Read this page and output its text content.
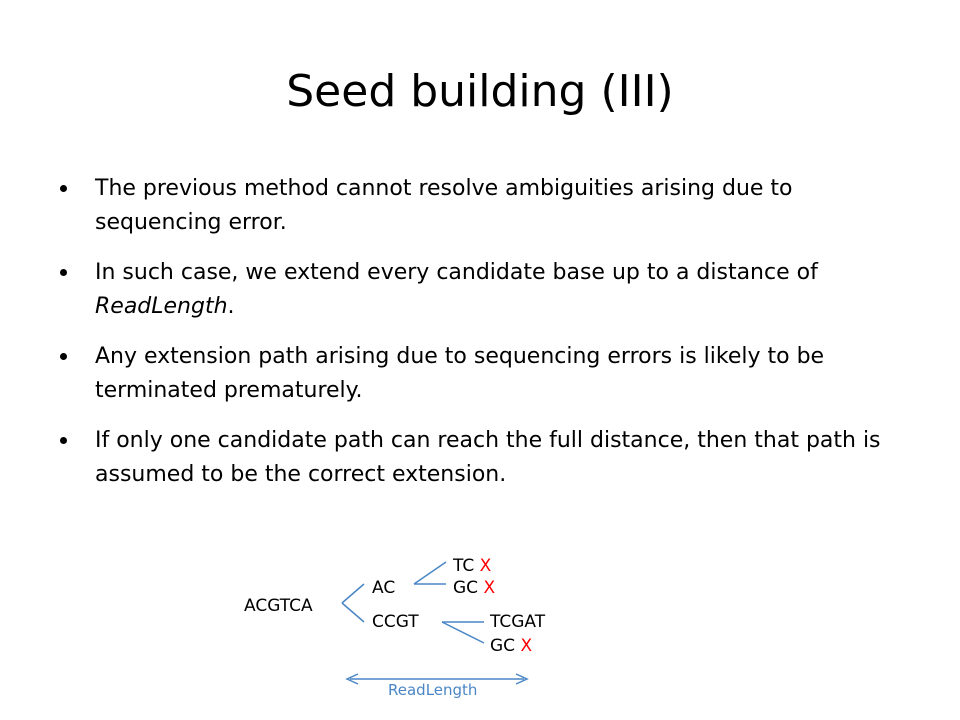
Seed building (III)
The previous method cannot resolve ambiguities arising due to sequencing error.
In such case, we extend every candidate base up to a distance of ReadLength.
Any extension path arising due to sequencing errors is likely to be terminated prematurely.
If only one candidate path can reach the full distance, then that path is assumed to be the correct extension.
ACGTCA
AC
CCGT
TC X
GC X
TCGAT
GC X
ReadLength
